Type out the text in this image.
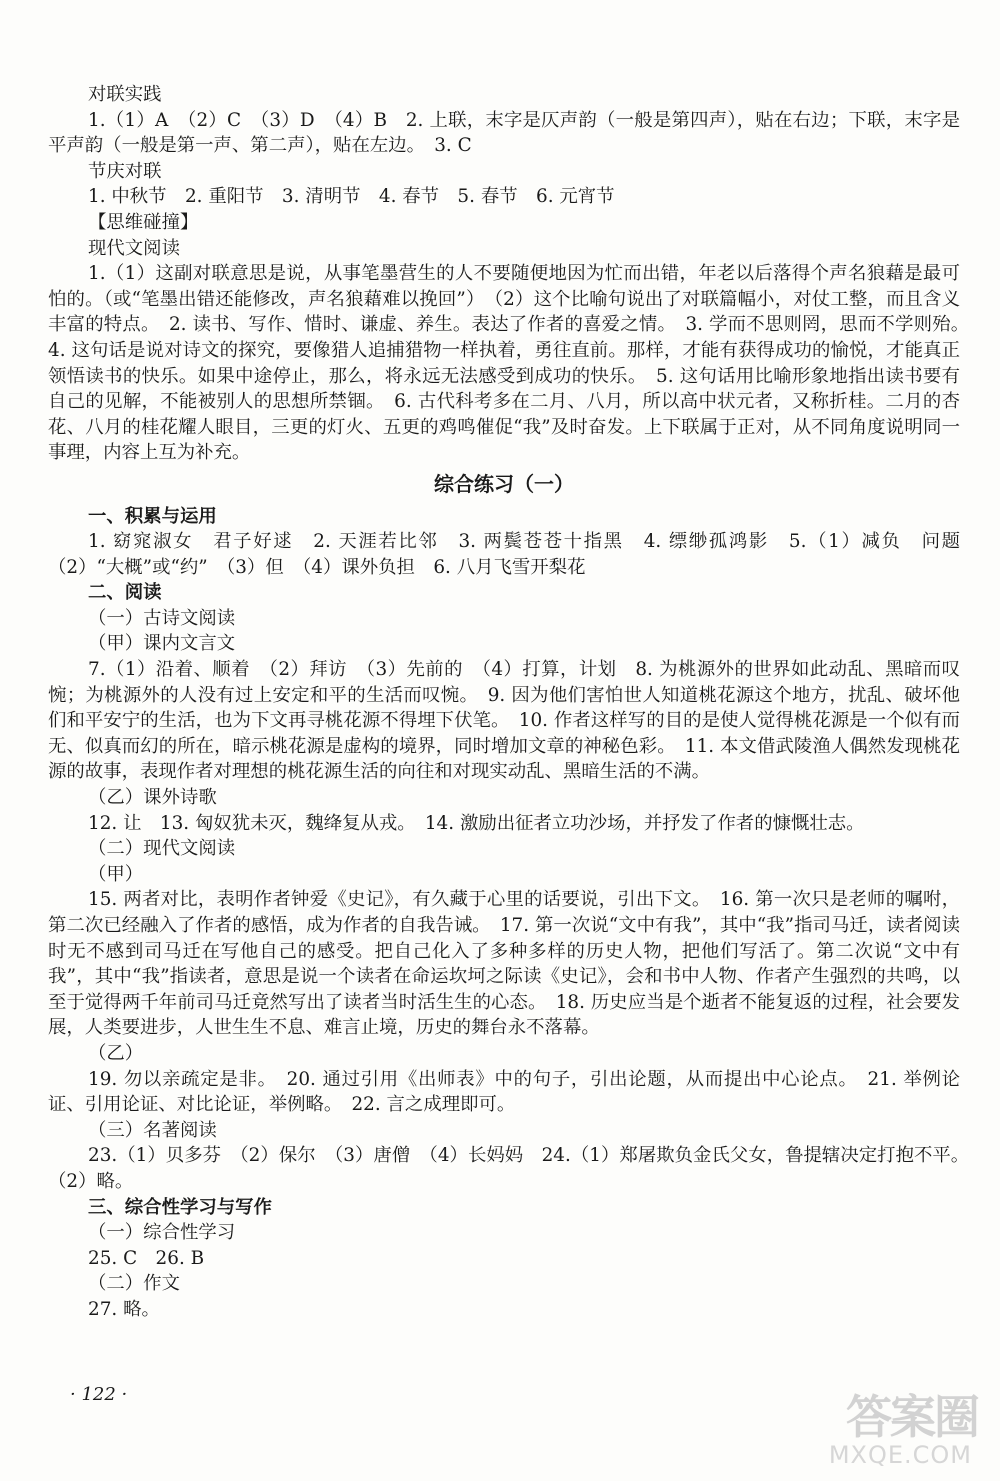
对联实践

1.（1）A　（2）C　（3）D　（4）B　2. 上联，末字是仄声韵（一般是第四声），贴在右边；下联，末字是平声韵（一般是第一声、第二声），贴在左边。　3. C

节庆对联

1. 中秋节　2. 重阳节　3. 清明节　4. 春节　5. 春节　6. 元宵节

【思维碰撞】

现代文阅读

1.（1）这副对联意思是说，从事笔墨营生的人不要随便地因为忙而出错，年老以后落得个声名狼藉是最可怕的。（或“笔墨出错还能修改，声名狼藉难以挽回”）　（2）这个比喻句说出了对联篇幅小，对仗工整，而且含义丰富的特点。　2. 读书、写作、惜时、谦虚、养生。表达了作者的喜爱之情。　3. 学而不思则罔，思而不学则殆。　4. 这句话是说对诗文的探究，要像猎人追捕猎物一样执着，勇往直前。那样，才能有获得成功的愉悦，才能真正领悟读书的快乐。如果中途停止，那么，将永远无法感受到成功的快乐。　5. 这句话用比喻形象地指出读书要有自己的见解，不能被别人的思想所禁锢。　6. 古代科考多在二月、八月，所以高中状元者，又称折桂。二月的杏花、八月的桂花耀人眼目，三更的灯火、五更的鸡鸣催促“我”及时奋发。上下联属于正对，从不同角度说明同一事理，内容上互为补充。

综合练习（一）

一、积累与运用

1. 窈窕淑女　君子好逑　2. 天涯若比邻　3. 两鬓苍苍十指黑　4. 缥缈孤鸿影　5.（1）减负　问题（2）“大概”或“约”　（3）但　（4）课外负担　6. 八月飞雪开梨花

二、阅读

（一）古诗文阅读

（甲）课内文言文

7.（1）沿着、顺着　（2）拜访　（3）先前的　（4）打算，计划　8. 为桃源外的世界如此动乱、黑暗而叹惋；为桃源外的人没有过上安定和平的生活而叹惋。　9. 因为他们害怕世人知道桃花源这个地方，扰乱、破坏他们和平安宁的生活，也为下文再寻桃花源不得埋下伏笔。　10. 作者这样写的目的是使人觉得桃花源是一个似有而无、似真而幻的所在，暗示桃花源是虚构的境界，同时增加文章的神秘色彩。　11. 本文借武陵渔人偶然发现桃花源的故事，表现作者对理想的桃花源生活的向往和对现实动乱、黑暗生活的不满。

（乙）课外诗歌

12. 让　13. 匈奴犹未灭，魏绛复从戎。　14. 激励出征者立功沙场，并抒发了作者的慷慨壮志。

（二）现代文阅读

（甲）

15. 两者对比，表明作者钟爱《史记》，有久藏于心里的话要说，引出下文。　16. 第一次只是老师的嘱咐，第二次已经融入了作者的感悟，成为作者的自我告诫。　17. 第一次说“文中有我”，其中“我”指司马迁，读者阅读时无不感到司马迁在写他自己的感受。把自己化入了多种多样的历史人物，把他们写活了。第二次说“文中有我”，其中“我”指读者，意思是说一个读者在命运坎坷之际读《史记》，会和书中人物、作者产生强烈的共鸣，以至于觉得两千年前司马迁竟然写出了读者当时活生生的心态。　18. 历史应当是个逝者不能复返的过程，社会要发展，人类要进步，人世生生不息、难言止境，历史的舞台永不落幕。

（乙）

19. 勿以亲疏定是非。　20. 通过引用《出师表》中的句子，引出论题，从而提出中心论点。　21. 举例论证、引用论证、对比论证，举例略。　22. 言之成理即可。

（三）名著阅读

23.（1）贝多芬　（2）保尔　（3）唐僧　（4）长妈妈　24.（1）郑屠欺负金氏父女，鲁提辖决定打抱不平。　（2）略。

三、综合性学习与写作

（一）综合性学习

25. C　26. B

（二）作文

27. 略。

· 122 ·	答案圈
MXQE.COM
